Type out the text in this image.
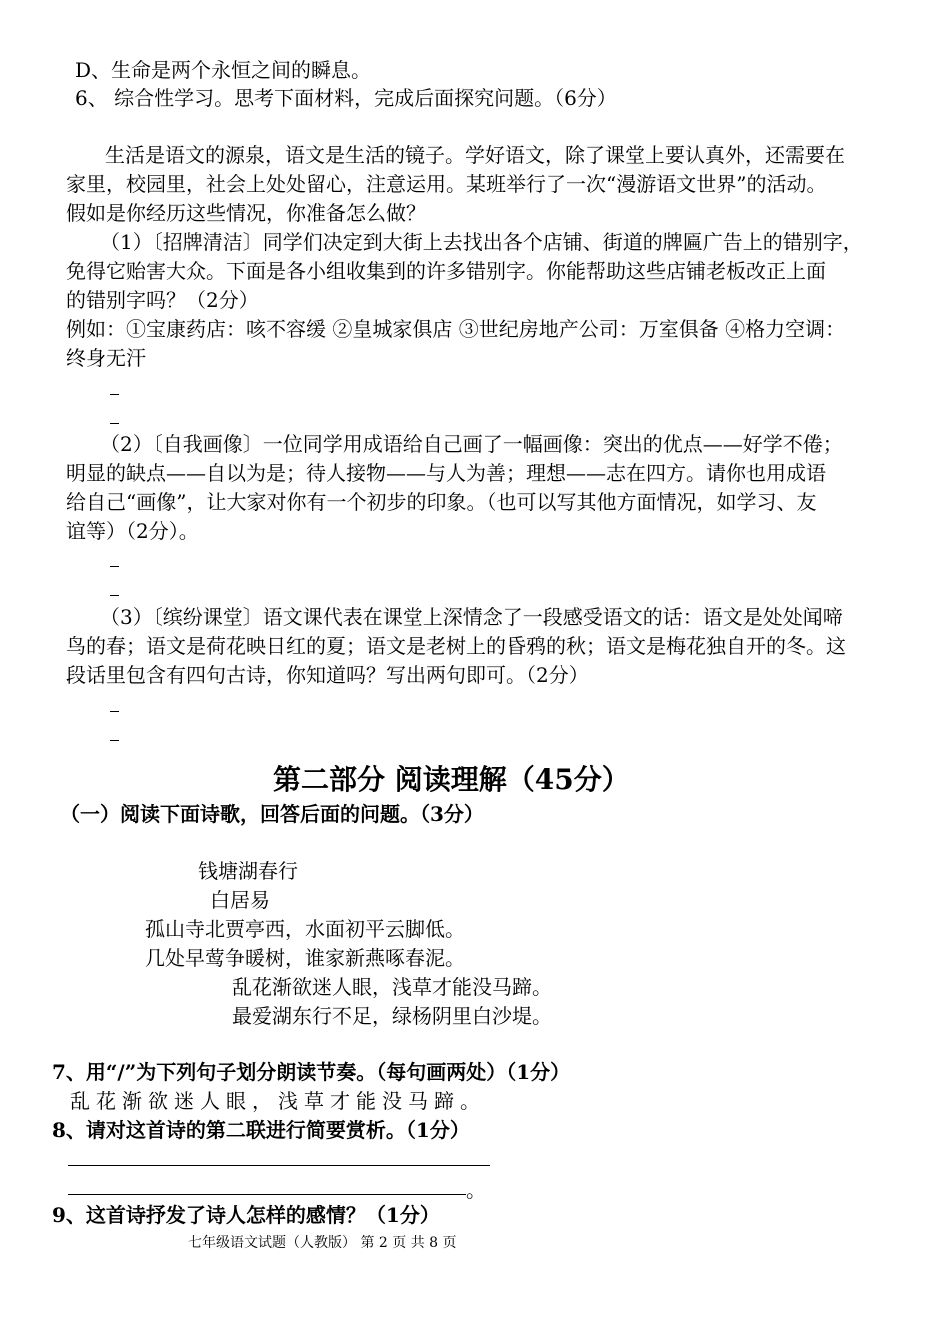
D、生命是两个永恒之间的瞬息。
6、 综合性学习。思考下面材料，完成后面探究问题。（6分）
生活是语文的源泉，语文是生活的镜子。学好语文，除了课堂上要认真外，还需要在
家里，校园里，社会上处处留心，注意运用。某班举行了一次“漫游语文世界”的活动。
假如是你经历这些情况，你准备怎么做？
（1）〔招牌清洁〕同学们决定到大街上去找出各个店铺、街道的牌匾广告上的错别字，
免得它贻害大众。下面是各小组收集到的许多错别字。你能帮助这些店铺老板改正上面
的错别字吗？（2分）
例如：①宝康药店：咳不容缓 ②皇城家俱店 ③世纪房地产公司：万室俱备 ④格力空调：
终身无汗
（2）〔自我画像〕一位同学用成语给自己画了一幅画像：突出的优点——好学不倦；
明显的缺点——自以为是；待人接物——与人为善；理想——志在四方。请你也用成语
给自己“画像”，让大家对你有一个初步的印象。（也可以写其他方面情况，如学习、友
谊等）（2分）。
（3）〔缤纷课堂〕语文课代表在课堂上深情念了一段感受语文的话：语文是处处闻啼
鸟的春；语文是荷花映日红的夏；语文是老树上的昏鸦的秋；语文是梅花独自开的冬。这
段话里包含有四句古诗，你知道吗？写出两句即可。（2分）
第二部分 阅读理解（45分）
（一）阅读下面诗歌，回答后面的问题。（3分）
钱塘湖春行
白居易
孤山寺北贾亭西，水面初平云脚低。
几处早莺争暖树，谁家新燕啄春泥。
乱花渐欲迷人眼，浅草才能没马蹄。
最爱湖东行不足，绿杨阴里白沙堤。
7、用“/”为下列句子划分朗读节奏。（每句画两处）（1分）
乱花渐欲迷人眼，浅草才能没马蹄。
8、请对这首诗的第二联进行简要赏析。（1分）
。
9、这首诗抒发了诗人怎样的感情？（1分）
七年级语文试题（人教版） 第 2 页 共 8 页
